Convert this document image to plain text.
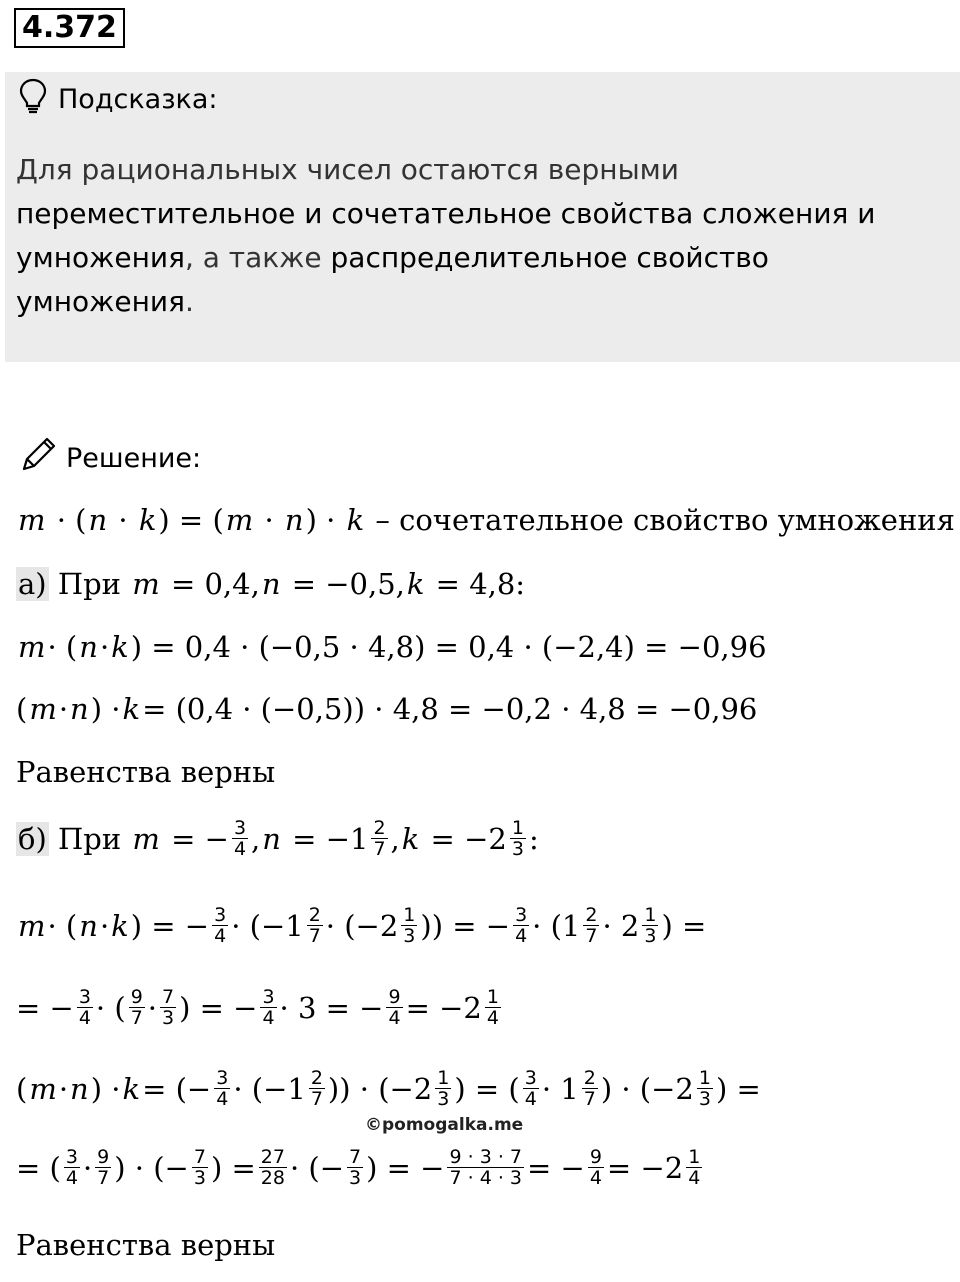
4.372
Подсказка:
Для рациональных чисел остаются верными переместительное и сочетательное свойства сложения и умножения, а также распределительное свойство умножения.
Решение:
m · (n · k) = (m · n) · k – сочетательное свойство умножения
а)
При
m = 0,4, n = −0,5, k = 4,8:
m · ( n · k ) = 0,4 · (−0,5 · 4,8) = 0,4 · (−2,4) = −0,96
( m · n ) · k = (0,4 · (−0,5)) · 4,8 = −0,2 · 4,8 = −0,96
Равенства верны
б)
При
m = − $\frac{3}{4}$ , $n = -1 \frac{2}{7}$ , $k = -2 \frac{1}{3}$ :
m · ( n · k ) = − $\frac{3}{4} \cdot (-1 \frac{2}{7} \cdot (-2 \frac{1}{3}$ )) = − $\frac{3}{4} \cdot (1 \frac{2}{7} \cdot 2 \frac{1}{3}$ ) =
= − $\frac{3}{4}$ · ( $\frac{9}{7} \cdot \frac{7}{3}$ ) = − $\frac{3}{4} \cdot 3$ = − $\frac{9}{4} = -2 \frac{1}{4}$
( m · n ) · k = (− $\frac{3}{4} \cdot (-1 \frac{2}{7}$ )) · ($-2 \frac{1}{3}$ ) = ( $\frac{3}{4} \cdot 1 \frac{2}{7}$ ) · ($-2 \frac{1}{3}$ ) =
©pomogalka.me
= ( $\frac{3}{4} \cdot \frac{9}{7}$ ) · (− $\frac{7}{3}$ ) = $\frac{27}{28}$ · (− $\frac{7}{3}$ ) = − $\frac{9 \cdot 3 \cdot 7}{7 \cdot 4 \cdot 3}$ = − $\frac{9}{4} = -2 \frac{1}{4}$
Равенства верны
